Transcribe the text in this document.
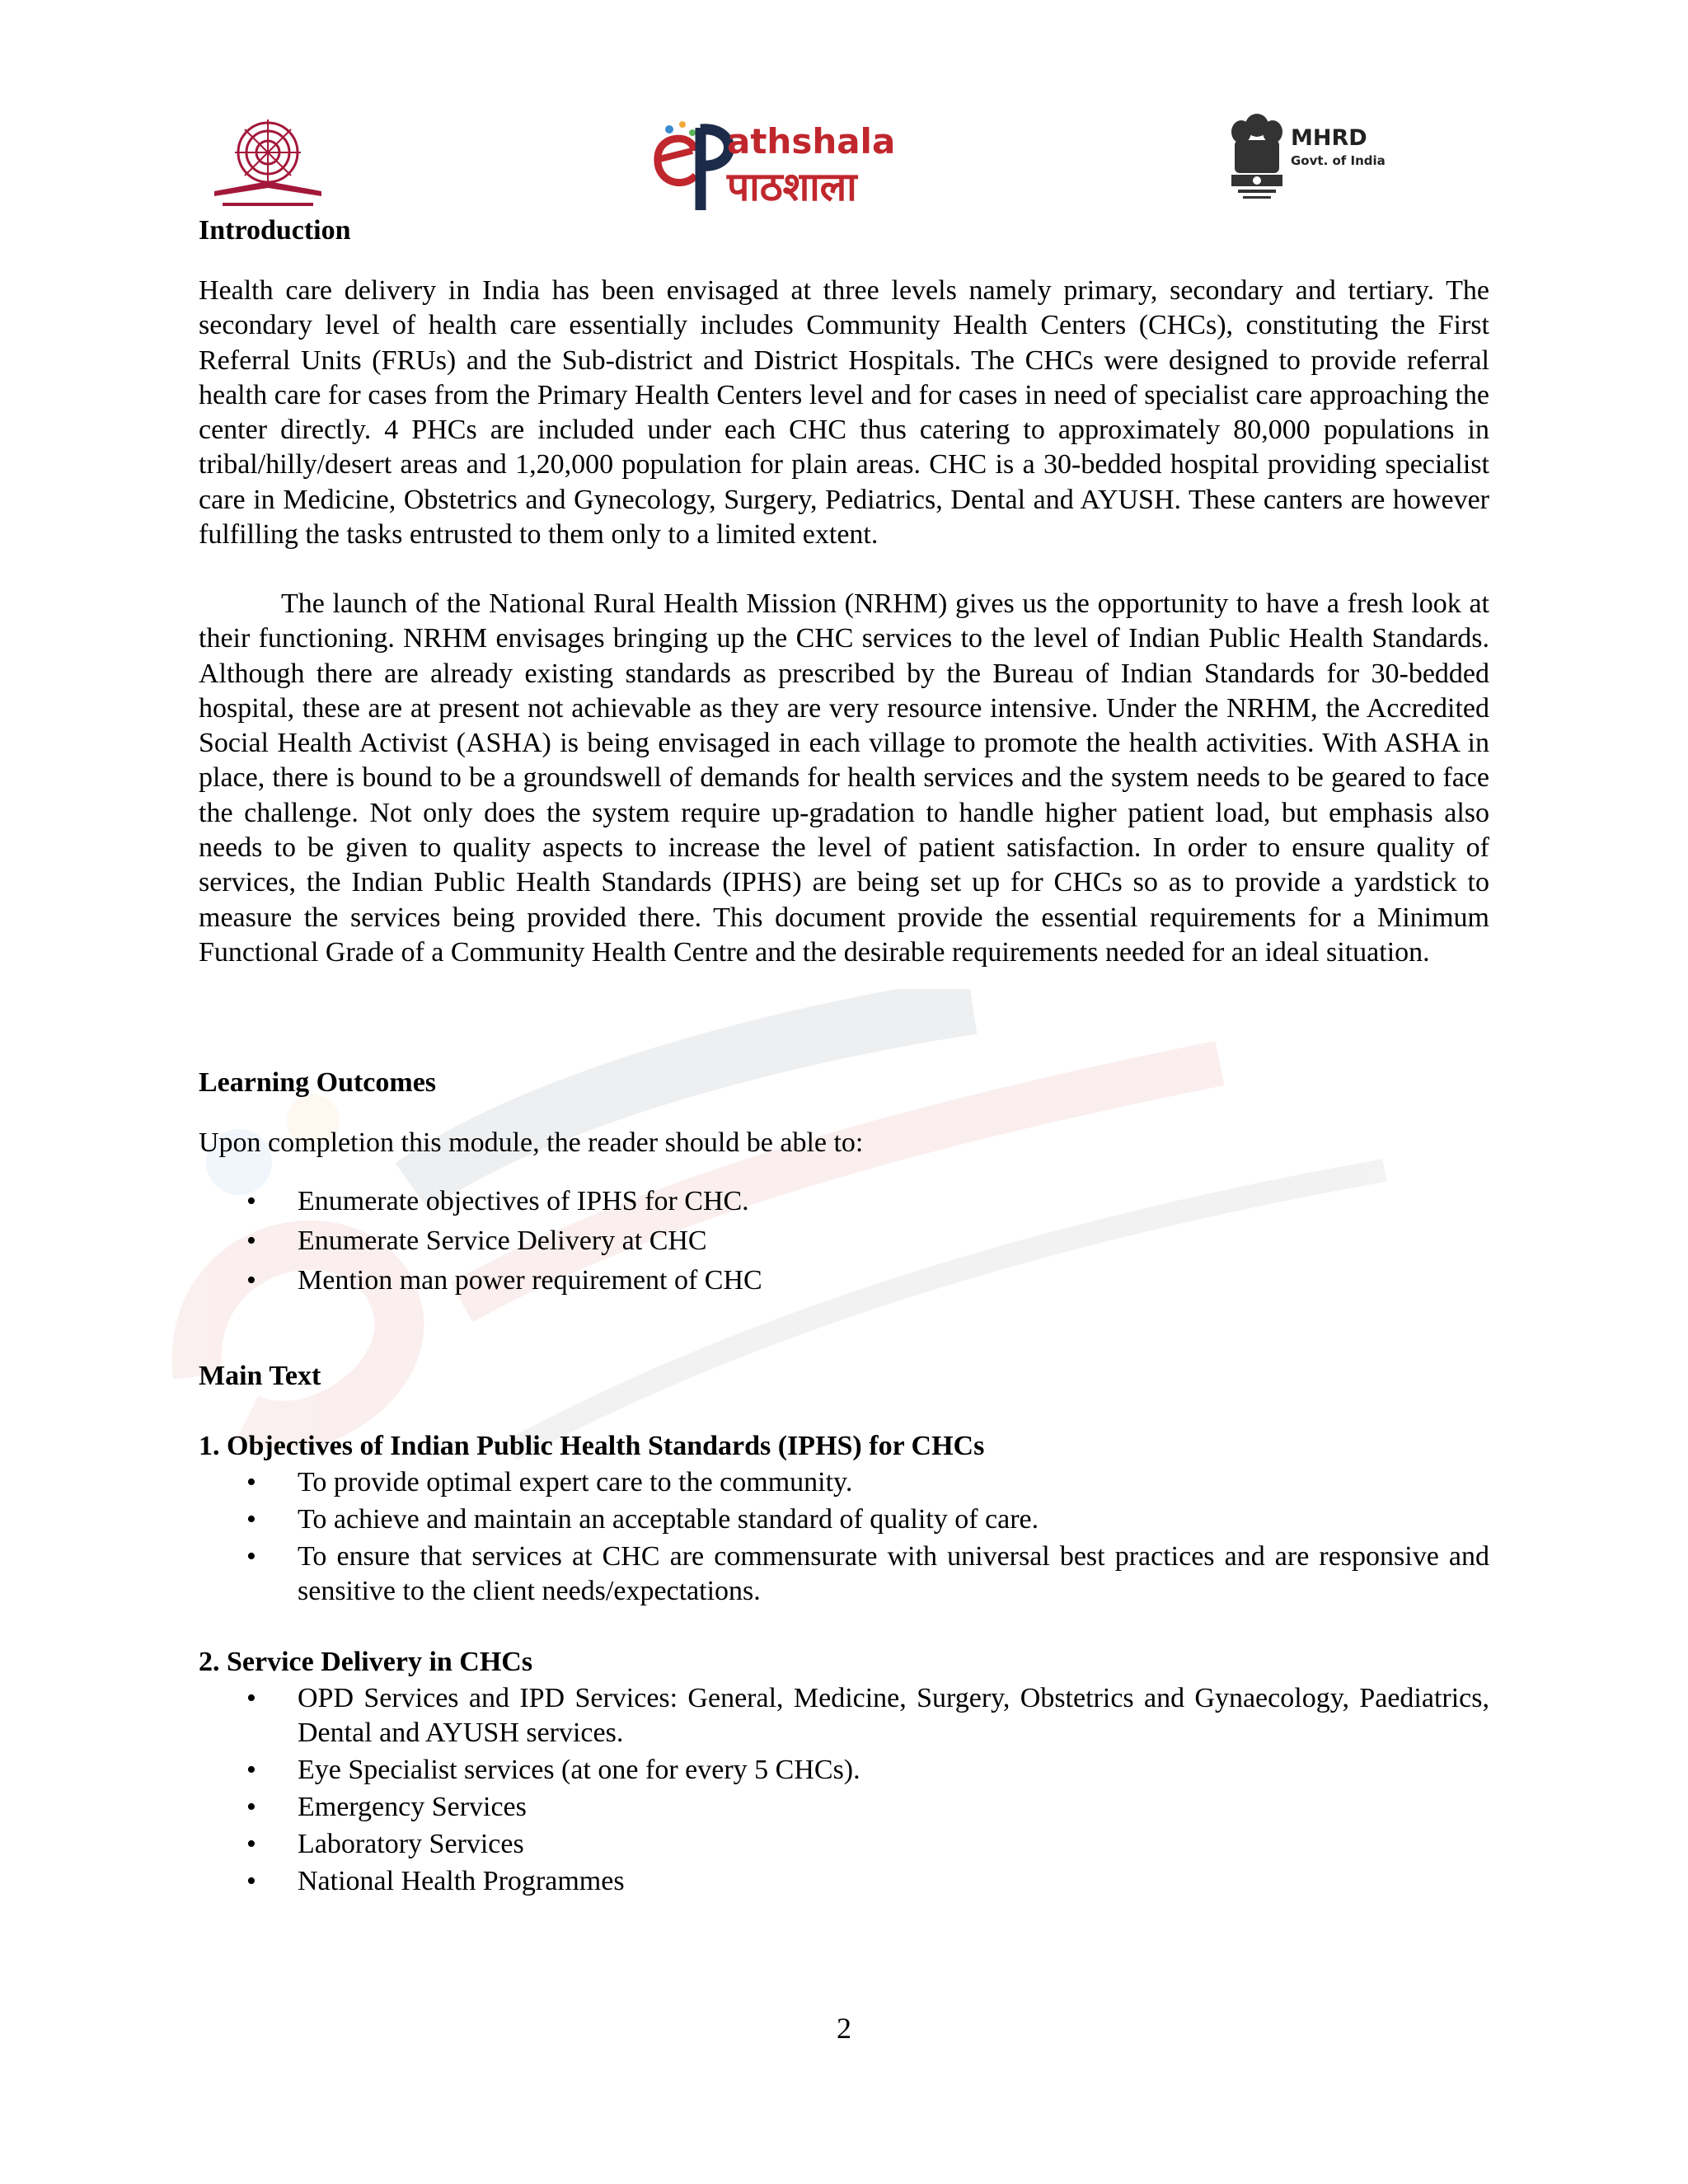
athshala
पाठशाला
MHRD
Govt. of India
Introduction
Health care delivery in India has been envisaged at three levels namely primary, secondary and tertiary. The secondary level of health care essentially includes Community Health Centers (CHCs), constituting the First Referral Units (FRUs) and the Sub-district and District Hospitals. The CHCs were designed to provide referral health care for cases from the Primary Health Centers level and for cases in need of specialist care approaching the center directly. 4 PHCs are included under each CHC thus catering to approximately 80,000 populations in tribal/hilly/desert areas and 1,20,000 population for plain areas. CHC is a 30-bedded hospital providing specialist care in Medicine, Obstetrics and Gynecology, Surgery, Pediatrics, Dental and AYUSH. These canters are however fulfilling the tasks entrusted to them only to a limited extent.
The launch of the National Rural Health Mission (NRHM) gives us the opportunity to have a fresh look at their functioning. NRHM envisages bringing up the CHC services to the level of Indian Public Health Standards. Although there are already existing standards as prescribed by the Bureau of Indian Standards for 30-bedded hospital, these are at present not achievable as they are very resource intensive. Under the NRHM, the Accredited Social Health Activist (ASHA) is being envisaged in each village to promote the health activities. With ASHA in place, there is bound to be a groundswell of demands for health services and the system needs to be geared to face the challenge. Not only does the system require up-gradation to handle higher patient load, but emphasis also needs to be given to quality aspects to increase the level of patient satisfaction. In order to ensure quality of services, the Indian Public Health Standards (IPHS) are being set up for CHCs so as to provide a yardstick to measure the services being provided there. This document provide the essential requirements for a Minimum Functional Grade of a Community Health Centre and the desirable requirements needed for an ideal situation.
Learning Outcomes
Upon completion this module, the reader should be able to:
• Enumerate objectives of IPHS for CHC.
• Enumerate Service Delivery at CHC
• Mention man power requirement of CHC
Main Text
1. Objectives of Indian Public Health Standards (IPHS) for CHCs
• To provide optimal expert care to the community.
• To achieve and maintain an acceptable standard of quality of care.
• To ensure that services at CHC are commensurate with universal best practices and are responsive and sensitive to the client needs/expectations.
2. Service Delivery in CHCs
• OPD Services and IPD Services: General, Medicine, Surgery, Obstetrics and Gynaecology, Paediatrics, Dental and AYUSH services.
• Eye Specialist services (at one for every 5 CHCs).
• Emergency Services
• Laboratory Services
• National Health Programmes
2
